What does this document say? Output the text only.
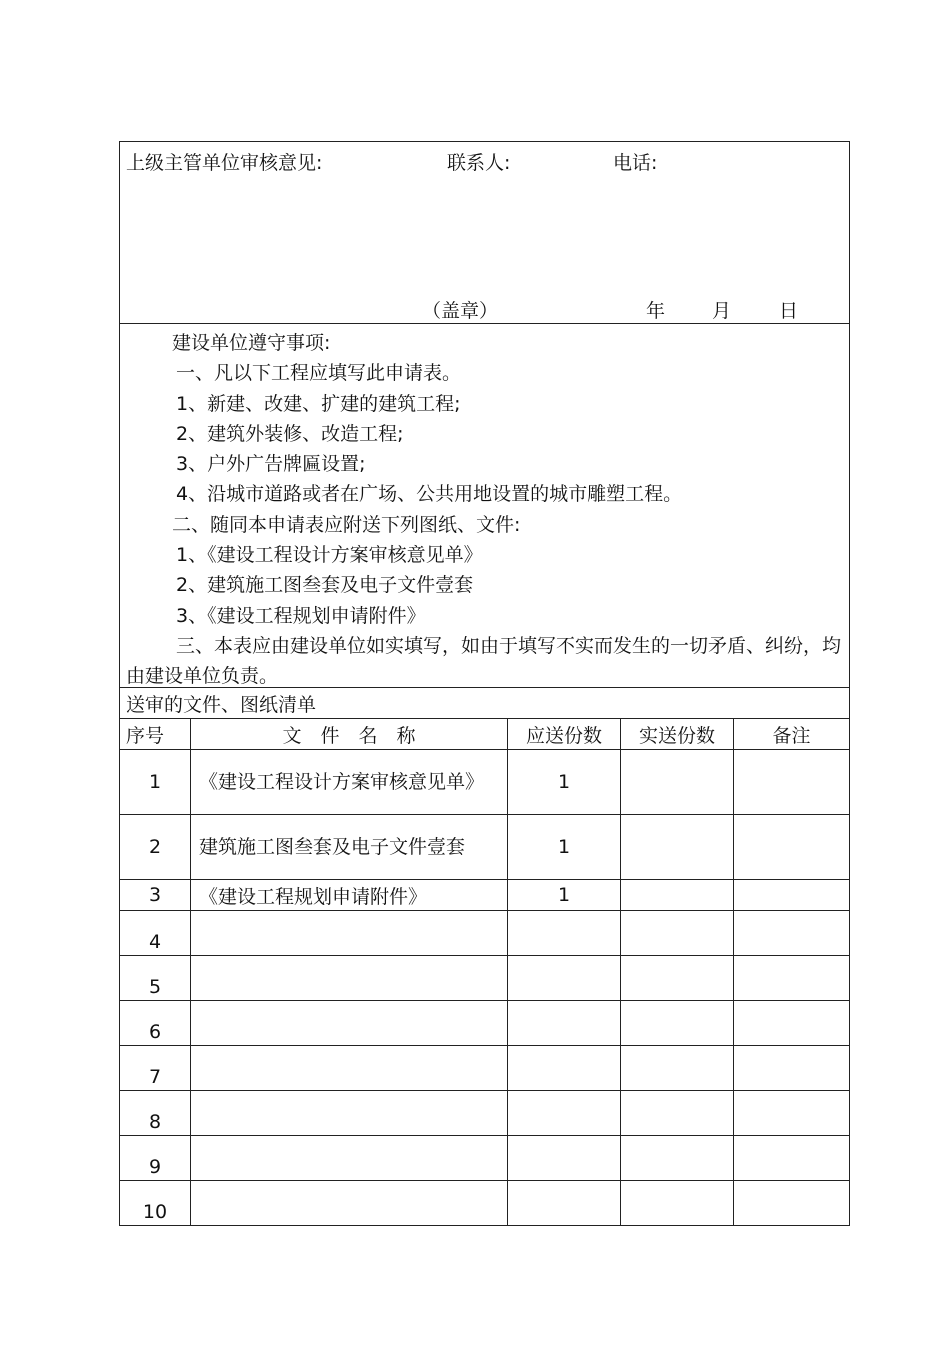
上级主管单位审核意见:	联系人:	电话:
（盖章）	年 月	日
建设单位遵守事项:
一、凡以下工程应填写此申请表。
1、新建、改建、扩建的建筑工程;
2、建筑外装修、改造工程;
3、户外广告牌匾设置;
4、沿城市道路或者在广场、公共用地设置的城市雕塑工程。
二、随同本申请表应附送下列图纸、文件:
1、《建设工程设计方案审核意见单》
2、建筑施工图叁套及电子文件壹套
3、《建设工程规划申请附件》
三、本表应由建设单位如实填写，如由于填写不实而发生的一切矛盾、纠纷，均由建设单位负责。
送审的文件、图纸清单
序号	文　件　名　称	应送份数	实送份数	备注
1	《建设工程设计方案审核意见单》	1		
2	建筑施工图叁套及电子文件壹套	1		
3	《建设工程规划申请附件》	1		
4				
5				
6				
7				
8				
9				
10				
